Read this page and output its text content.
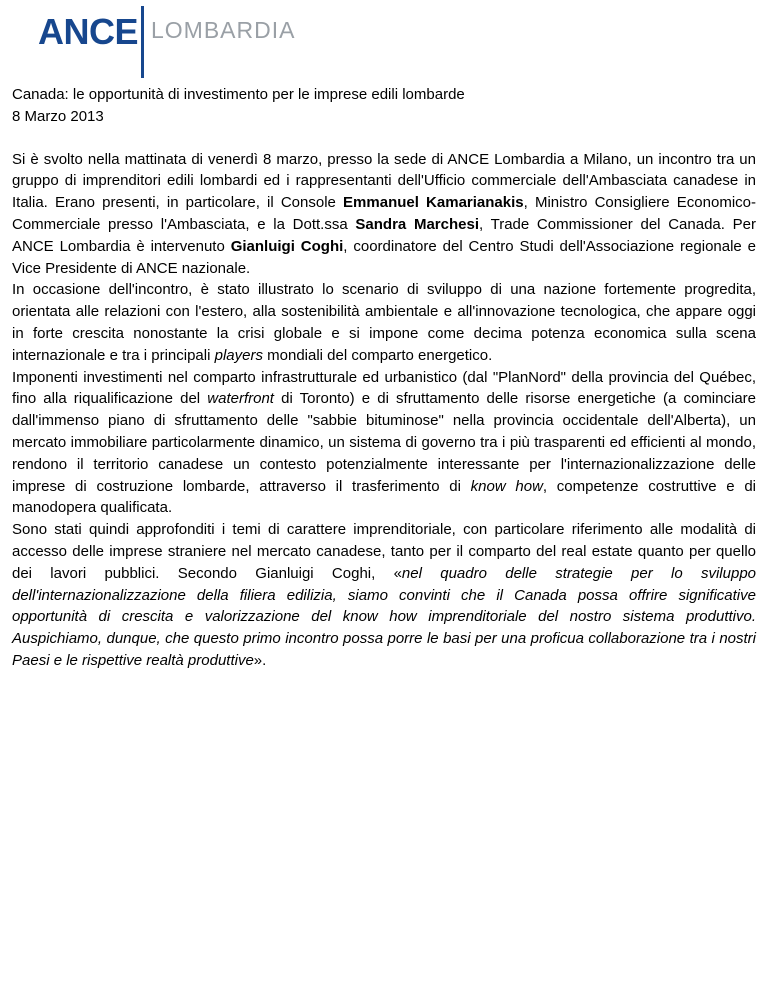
ANCE LOMBARDIA
Canada: le opportunità di investimento per le imprese edili lombarde
8 Marzo 2013

Si è svolto nella mattinata di venerdì 8 marzo, presso la sede di ANCE Lombardia a Milano, un incontro tra un gruppo di imprenditori edili lombardi ed i rappresentanti dell'Ufficio commerciale dell'Ambasciata canadese in Italia. Erano presenti, in particolare, il Console Emmanuel Kamarianakis, Ministro Consigliere Economico-Commerciale presso l'Ambasciata, e la Dott.ssa Sandra Marchesi, Trade Commissioner del Canada. Per ANCE Lombardia è intervenuto Gianluigi Coghi, coordinatore del Centro Studi dell'Associazione regionale e Vice Presidente di ANCE nazionale.

In occasione dell'incontro, è stato illustrato lo scenario di sviluppo di una nazione fortemente progredita, orientata alle relazioni con l'estero, alla sostenibilità ambientale e all'innovazione tecnologica, che appare oggi in forte crescita nonostante la crisi globale e si impone come decima potenza economica sulla scena internazionale e tra i principali players mondiali del comparto energetico.

Imponenti investimenti nel comparto infrastrutturale ed urbanistico (dal "PlanNord" della provincia del Québec, fino alla riqualificazione del waterfront di Toronto) e di sfruttamento delle risorse energetiche (a cominciare dall'immenso piano di sfruttamento delle "sabbie bituminose" nella provincia occidentale dell'Alberta), un mercato immobiliare particolarmente dinamico, un sistema di governo tra i più trasparenti ed efficienti al mondo, rendono il territorio canadese un contesto potenzialmente interessante per l'internazionalizzazione delle imprese di costruzione lombarde, attraverso il trasferimento di know how, competenze costruttive e di manodopera qualificata.

Sono stati quindi approfonditi i temi di carattere imprenditoriale, con particolare riferimento alle modalità di accesso delle imprese straniere nel mercato canadese, tanto per il comparto del real estate quanto per quello dei lavori pubblici. Secondo Gianluigi Coghi, «nel quadro delle strategie per lo sviluppo dell'internazionalizzazione della filiera edilizia, siamo convinti che il Canada possa offrire significative opportunità di crescita e valorizzazione del know how imprenditoriale del nostro sistema produttivo. Auspichiamo, dunque, che questo primo incontro possa porre le basi per una proficua collaborazione tra i nostri Paesi e le rispettive realtà produttive».
